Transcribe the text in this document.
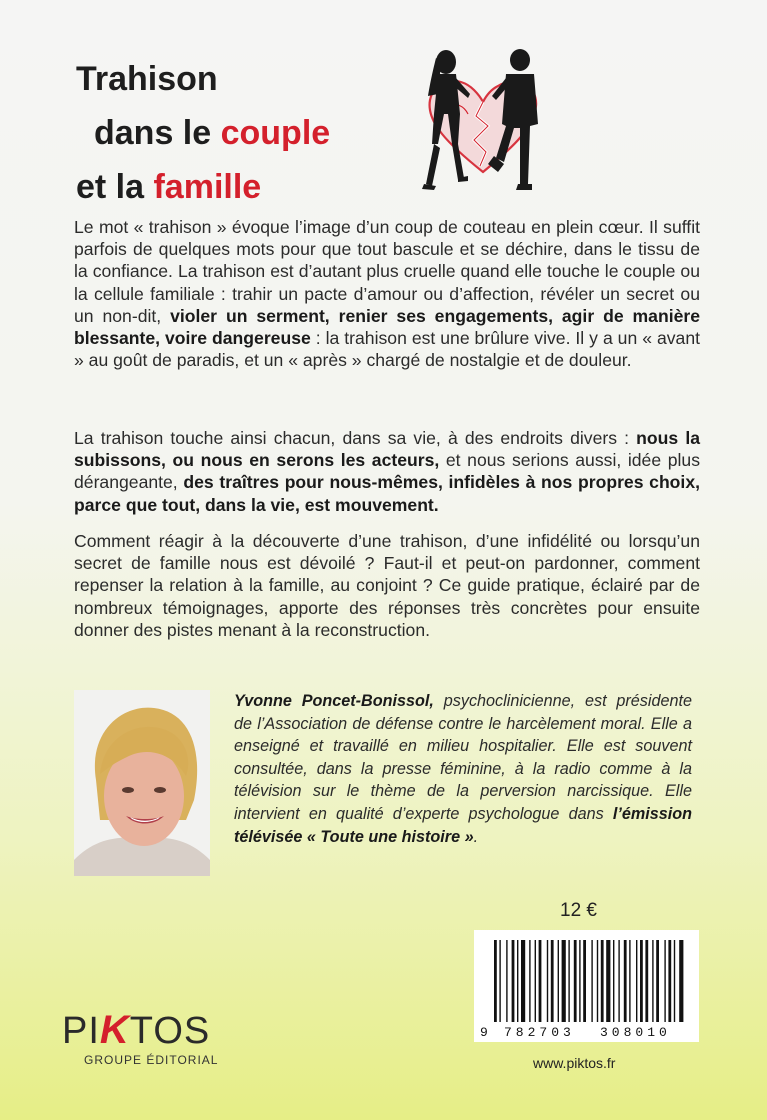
Trahison

dans le couple
et la famille

Le mot « trahison » évoque l’image d’un coup de couteau en plein cœur. Il suffit parfois de quelques mots pour que tout bascule et se déchire, dans le tissu de la confiance. La trahison est d’autant plus cruelle quand elle touche le couple ou la cellule familiale : trahir un pacte d’amour ou d’affection, révéler un secret ou un non-dit, violer un serment, renier ses engagements, agir de manière blessante, voire dangereuse : la trahison est une brûlure vive. Il y a un « avant » au goût de paradis, et un « après » chargé de nostalgie et de douleur.

La trahison touche ainsi chacun, dans sa vie, à des endroits divers : nous la subissons, ou nous en serons les acteurs, et nous serions aussi, idée plus dérangeante, des traîtres pour nous-mêmes, infidèles à nos propres choix, parce que tout, dans la vie, est mouvement.

Comment réagir à la découverte d’une trahison, d’une infidélité ou lorsqu’un secret de famille nous est dévoilé ? Faut-il et peut-on pardonner, comment repenser la relation à la famille, au conjoint ? Ce guide pratique, éclairé par de nombreux témoignages, apporte des réponses très concrètes pour ensuite donner des pistes menant à la reconstruction.

Yvonne Poncet-Bonissol, psychoclinicienne, est présidente de l’Association de défense contre le harcèlement moral. Elle a enseigné et travaillé en milieu hospitalier. Elle est souvent consultée, dans la presse féminine, à la radio comme à la télévision sur le thème de la perversion narcissique. Elle intervient en qualité d’experte psychologue dans l’émission télévisée « Toute une histoire ».

12 €
9 782703 308010
www.piktos.fr
PIKTOS
GROUPE ÉDITORIAL
